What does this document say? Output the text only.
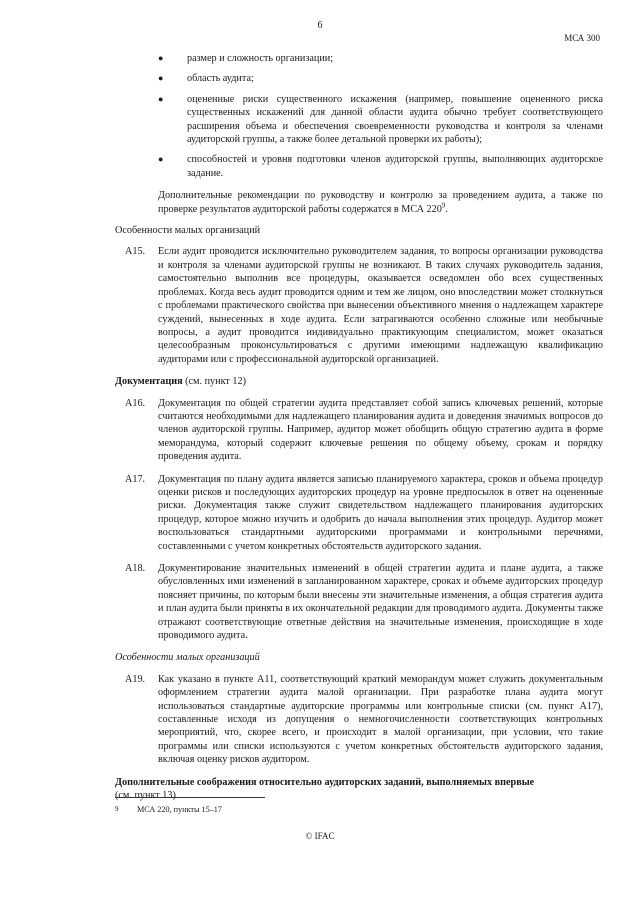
6
МСА 300
● размер и сложность организации;
● область аудита;
● оцененные риски существенного искажения (например, повышение оцененного риска существенных искажений для данной области аудита обычно требует соответствующего расширения объема и обеспечения своевременности руководства и контроля за членами аудиторской группы, а также более детальной проверки их работы);
● способностей и уровня подготовки членов аудиторской группы, выполняющих аудиторское задание.

Дополнительные рекомендации по руководству и контролю за проведением аудита, а также по проверке результатов аудиторской работы содержатся в МСА 220$^9$.

Особенности малых организаций
A15. Если аудит проводится исключительно руководителем задания, то вопросы организации руководства и контроля за членами аудиторской группы не возникают. В таких случаях руководитель задания, самостоятельно выполнив все процедуры, оказывается осведомлен обо всех существенных проблемах. Когда весь аудит проводится одним и тем же лицом, оно впоследствии может столкнуться с проблемами практического свойства при вынесении объективного мнения о надлежащем характере суждений, вынесенных в ходе аудита. Если затрагиваются особенно сложные или необычные вопросы, а аудит проводится индивидуально практикующим специалистом, может оказаться целесообразным проконсультироваться с другими имеющими надлежащую квалификацию аудиторами или с профессиональной аудиторской организацией.
Документация (см. пункт 12)
A16. Документация по общей стратегии аудита представляет собой запись ключевых решений, которые считаются необходимыми для надлежащего планирования аудита и доведения значимых вопросов до членов аудиторской группы. Например, аудитор может обобщить общую стратегию аудита в форме меморандума, который содержит ключевые решения по общему объему, срокам и порядку проведения аудита.
A17. Документация по плану аудита является записью планируемого характера, сроков и объема процедур оценки рисков и последующих аудиторских процедур на уровне предпосылок в ответ на оцененные риски. Документация также служит свидетельством надлежащего планирования аудиторских процедур, которое можно изучить и одобрить до начала выполнения этих процедур. Аудитор может воспользоваться стандартными аудиторскими программами и контрольными перечнями, составленными с учетом конкретных обстоятельств аудиторского задания.
A18. Документирование значительных изменений в общей стратегии аудита и плане аудита, а также обусловленных ими изменений в запланированном характере, сроках и объеме аудиторских процедур поясняет причины, по которым были внесены эти значительные изменения, а общая стратегия аудита и план аудита были приняты в их окончательной редакции для проводимого аудита. Документы также отражают соответствующие ответные действия на значительные изменения, происходящие в ходе проводимого аудита.
Особенности малых организаций
A19. Как указано в пункте A11, соответствующий краткий меморандум может служить документальным оформлением стратегии аудита малой организации. При разработке плана аудита могут использоваться стандартные аудиторские программы или контрольные списки (см. пункт A17), составленные исходя из допущения о немногочисленности соответствующих контрольных мероприятий, что, скорее всего, и происходит в малой организации, при условии, что такие программы или списки используются с учетом конкретных обстоятельств аудиторского задания, включая оценку рисков аудитором.
Дополнительные соображения относительно аудиторских заданий, выполняемых впервые
(см. пункт 13)
9 МСА 220, пункты 15–17
© IFAC
